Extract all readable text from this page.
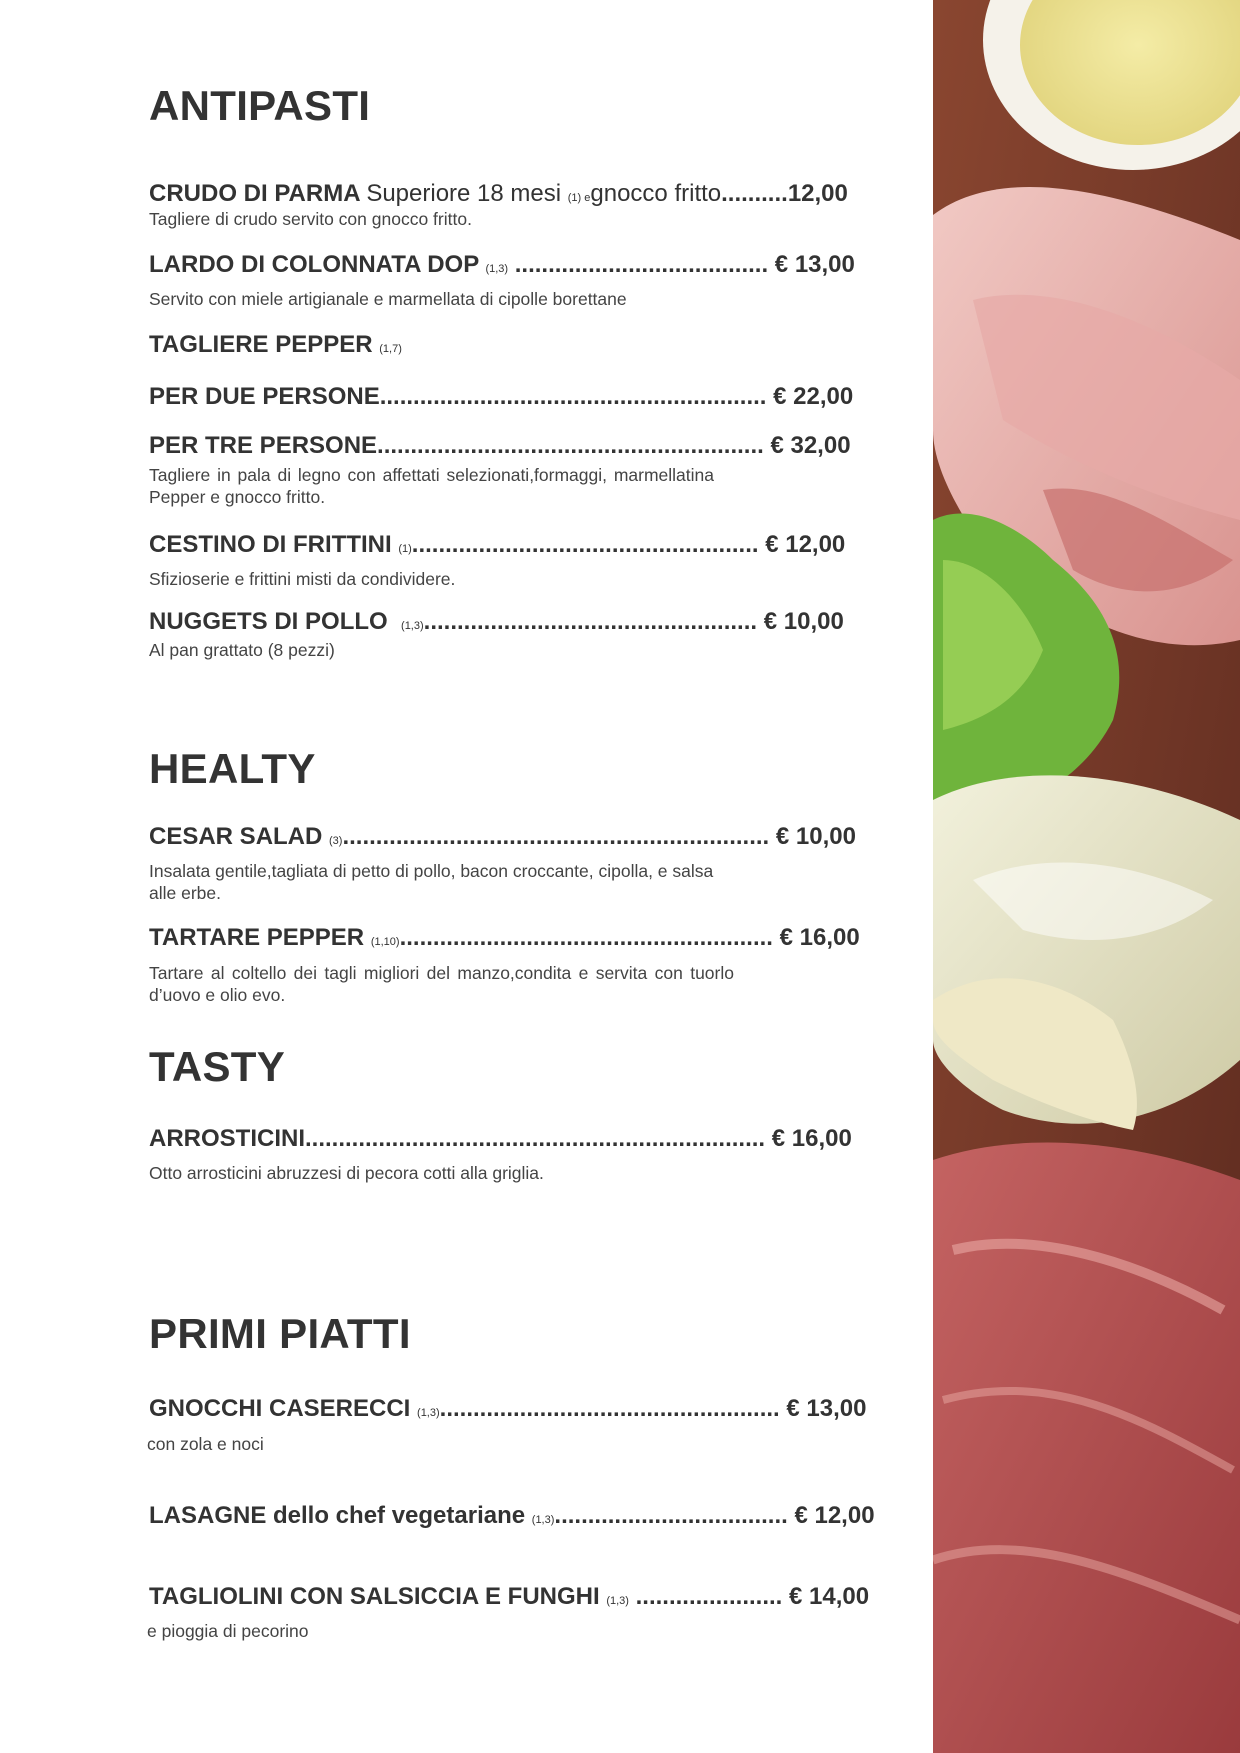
ANTIPASTI
CRUDO DI PARMA Superiore 18 mesi (1) egnocco fritto..........12,00

Tagliere di crudo servito con gnocco fritto.

LARDO DI COLONNATA DOP (1,3) ...................................... € 13,00

Servito con miele artigianale e marmellata di cipolle borettane

TAGLIERE PEPPER (1,7)
PER DUE PERSONE.......................................................... € 22,00
PER TRE PERSONE.......................................................... € 32,00

Tagliere in pala di legno con affettati selezionati,formaggi, marmellatina Pepper e gnocco fritto.

CESTINO DI FRITTINI (1).................................................... € 12,00

Sfizioserie e frittini misti da condividere.

NUGGETS DI POLLO (1,3).................................................. € 10,00

Al pan grattato (8 pezzi)

HEALTY
CESAR SALAD (3)................................................................ € 10,00

Insalata gentile,tagliata di petto di pollo, bacon croccante, cipolla, e salsa alle erbe.

TARTARE PEPPER (1,10)........................................................ € 16,00

Tartare al coltello dei tagli migliori del manzo,condita e servita con tuorlo d’uovo e olio evo.

TASTY
ARROSTICINI..................................................................... € 16,00

Otto arrosticini abruzzesi di pecora cotti alla griglia.

PRIMI PIATTI
GNOCCHI CASERECCI (1,3)................................................... € 13,00

con zola e noci

LASAGNE dello chef vegetariane (1,3)................................... € 12,00
TAGLIOLINI CON SALSICCIA E FUNGHI (1,3) ...................... € 14,00

e pioggia di pecorino
